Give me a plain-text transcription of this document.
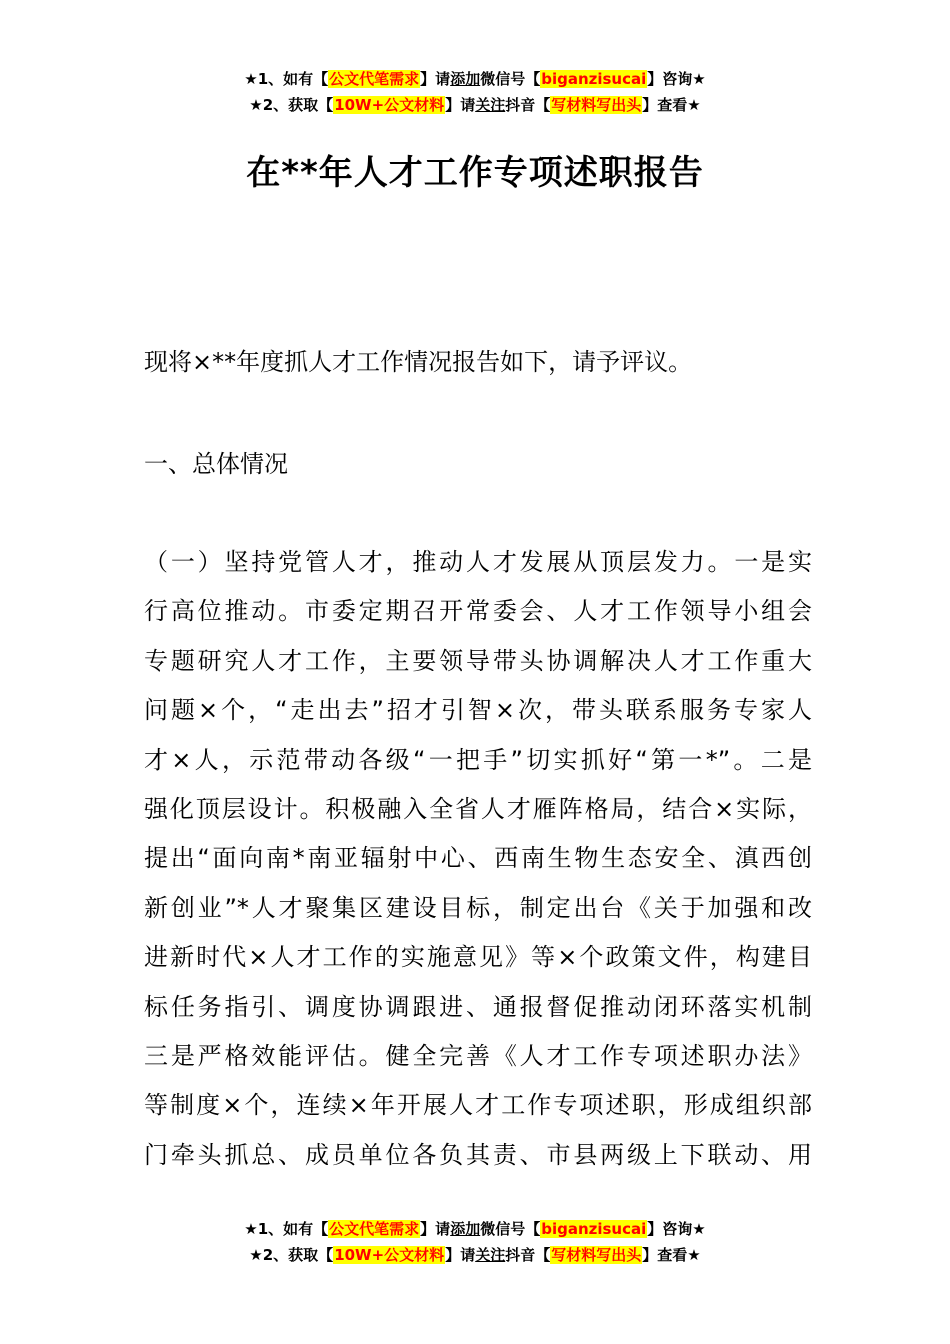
★1、如有【公文代笔需求】请添加微信号【biganzisucai】咨询★
★2、获取【10W+公文材料】请关注抖音【写材料写出头】查看★
在**年人才工作专项述职报告

现将×**年度抓人才工作情况报告如下，请予评议。

一、总体情况

（一）坚持党管人才，推动人才发展从顶层发力。一是实
行高位推动。市委定期召开常委会、人才工作领导小组会
专题研究人才工作，主要领导带头协调解决人才工作重大
问题×个，“走出去”招才引智×次，带头联系服务专家人
才×人，示范带动各级“一把手”切实抓好“第一*”。二是
强化顶层设计。积极融入全省人才雁阵格局，结合×实际，
提出“面向南*南亚辐射中心、西南生物生态安全、滇西创
新创业”*人才聚集区建设目标，制定出台《关于加强和改
进新时代×人才工作的实施意见》等×个政策文件，构建目
标任务指引、调度协调跟进、通报督促推动闭环落实机制
三是严格效能评估。健全完善《人才工作专项述职办法》
等制度×个，连续×年开展人才工作专项述职，形成组织部
门牵头抓总、成员单位各负其责、市县两级上下联动、用

★1、如有【公文代笔需求】请添加微信号【biganzisucai】咨询★
★2、获取【10W+公文材料】请关注抖音【写材料写出头】查看★
